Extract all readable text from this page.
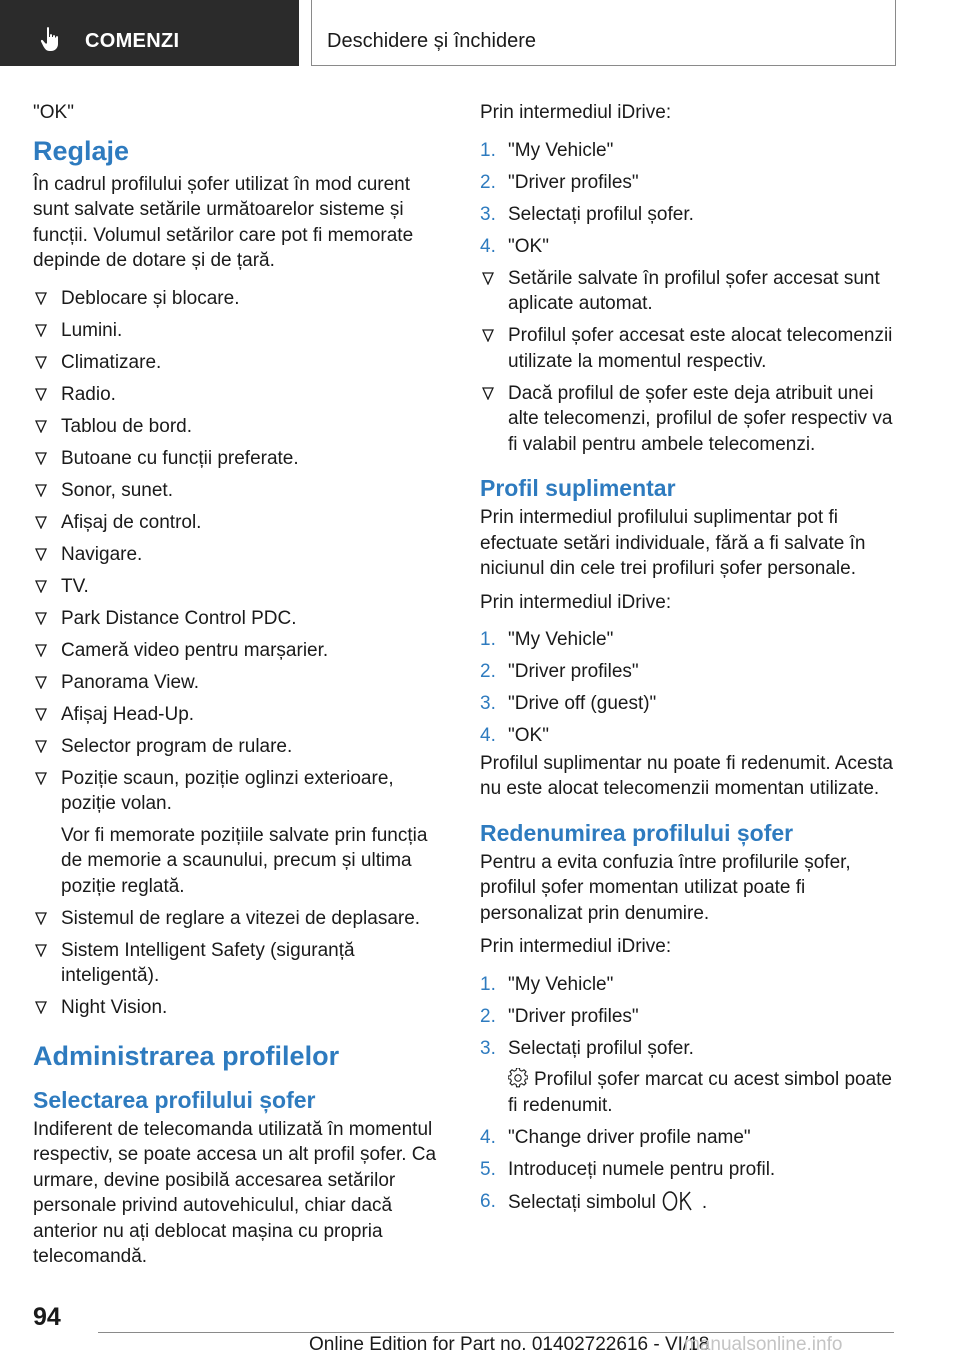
COMENZI	Deschidere și închidere

"OK"

Reglaje

În cadrul profilului șofer utilizat în mod curent sunt salvate setările următoarelor sisteme și funcții. Volumul setărilor care pot fi memorate depinde de dotare și de țară.

Deblocare și blocare.
Lumini.
Climatizare.
Radio.
Tablou de bord.
Butoane cu funcții preferate.
Sonor, sunet.
Afișaj de control.
Navigare.
TV.
Park Distance Control PDC.
Cameră video pentru marșarier.
Panorama View.
Afișaj Head-Up.
Selector program de rulare.
Poziție scaun, poziție oglinzi exterioare, poziție volan.
Vor fi memorate pozițiile salvate prin funcția de memorie a scaunului, precum și ultima poziție reglată.
Sistemul de reglare a vitezei de deplasare.
Sistem Intelligent Safety (siguranță inteligentă).
Night Vision.
Administrarea profilelor
Selectarea profilului șofer

Indiferent de telecomanda utilizată în momentul respectiv, se poate accesa un alt profil șofer. Ca urmare, devine posibilă accesarea setărilor personale privind autovehiculul, chiar dacă anterior nu ați deblocat mașina cu propria telecomandă.

Prin intermediul iDrive:

1. "My Vehicle"
2. "Driver profiles"
3. Selectați profilul șofer.
4. "OK"
Setările salvate în profilul șofer accesat sunt aplicate automat.
Profilul șofer accesat este alocat telecomenzii utilizate la momentul respectiv.
Dacă profilul de șofer este deja atribuit unei alte telecomenzi, profilul de șofer respectiv va fi valabil pentru ambele telecomenzi.
Profil suplimentar

Prin intermediul profilului suplimentar pot fi efectuate setări individuale, fără a fi salvate în niciunul din cele trei profiluri șofer personale.

Prin intermediul iDrive:

1. "My Vehicle"
2. "Driver profiles"
3. "Drive off (guest)"
4. "OK"

Profilul suplimentar nu poate fi redenumit. Acesta nu este alocat telecomenzii momentan utilizate.

Redenumirea profilului șofer

Pentru a evita confuzia între profilurile șofer, profilul șofer momentan utilizat poate fi personalizat prin denumire.

Prin intermediul iDrive:

1. "My Vehicle"
2. "Driver profiles"
3. Selectați profilul șofer.
Profilul șofer marcat cu acest simbol poate fi redenumit.
4. "Change driver profile name"
5. Introduceți numele pentru profil.
6. Selectați simbolul .
94
Online Edition for Part no. 01402722616 - VI/18
manualsonline.info
